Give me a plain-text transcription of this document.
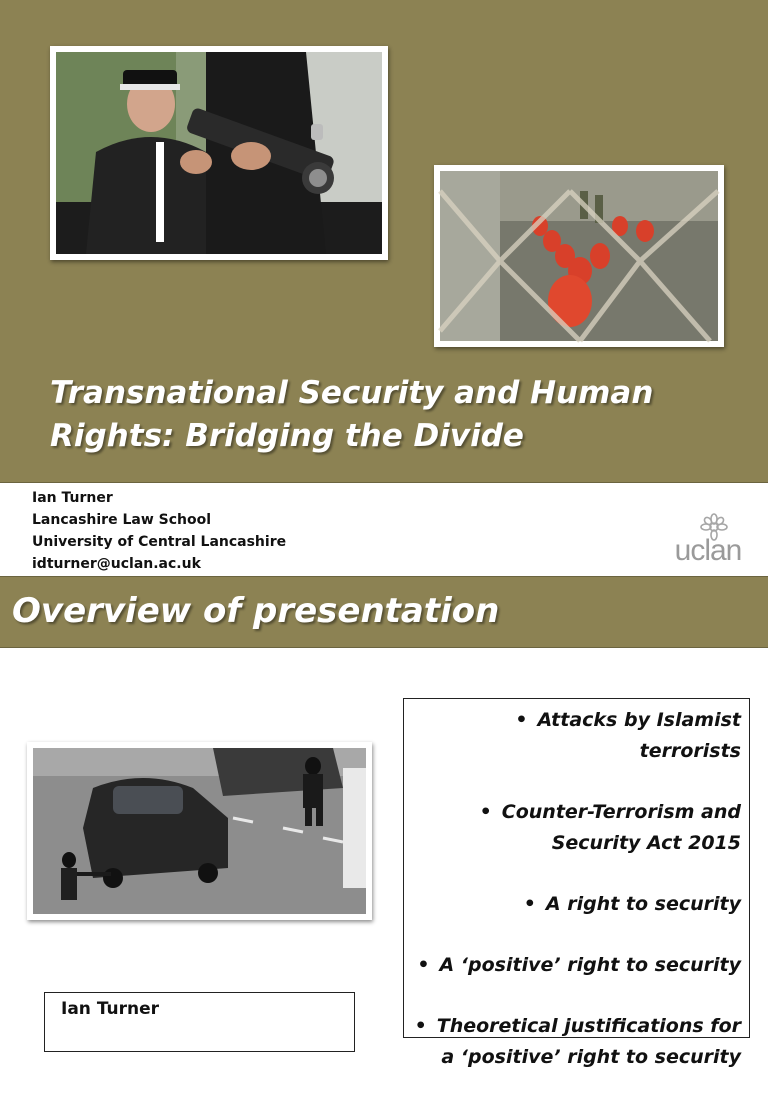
Transnational Security and Human
Rights: Bridging the Divide

Ian Turner
Lancashire Law School
University of Central Lancashire
idturner@uclan.ac.uk	uclan
Overview of presentation
• Attacks by Islamist terrorists
• Counter-Terrorism and Security Act 2015
• A right to security
• A ‘positive’ right to security
• Theoretical justifications for a ‘positive’ right to security
Ian Turner
